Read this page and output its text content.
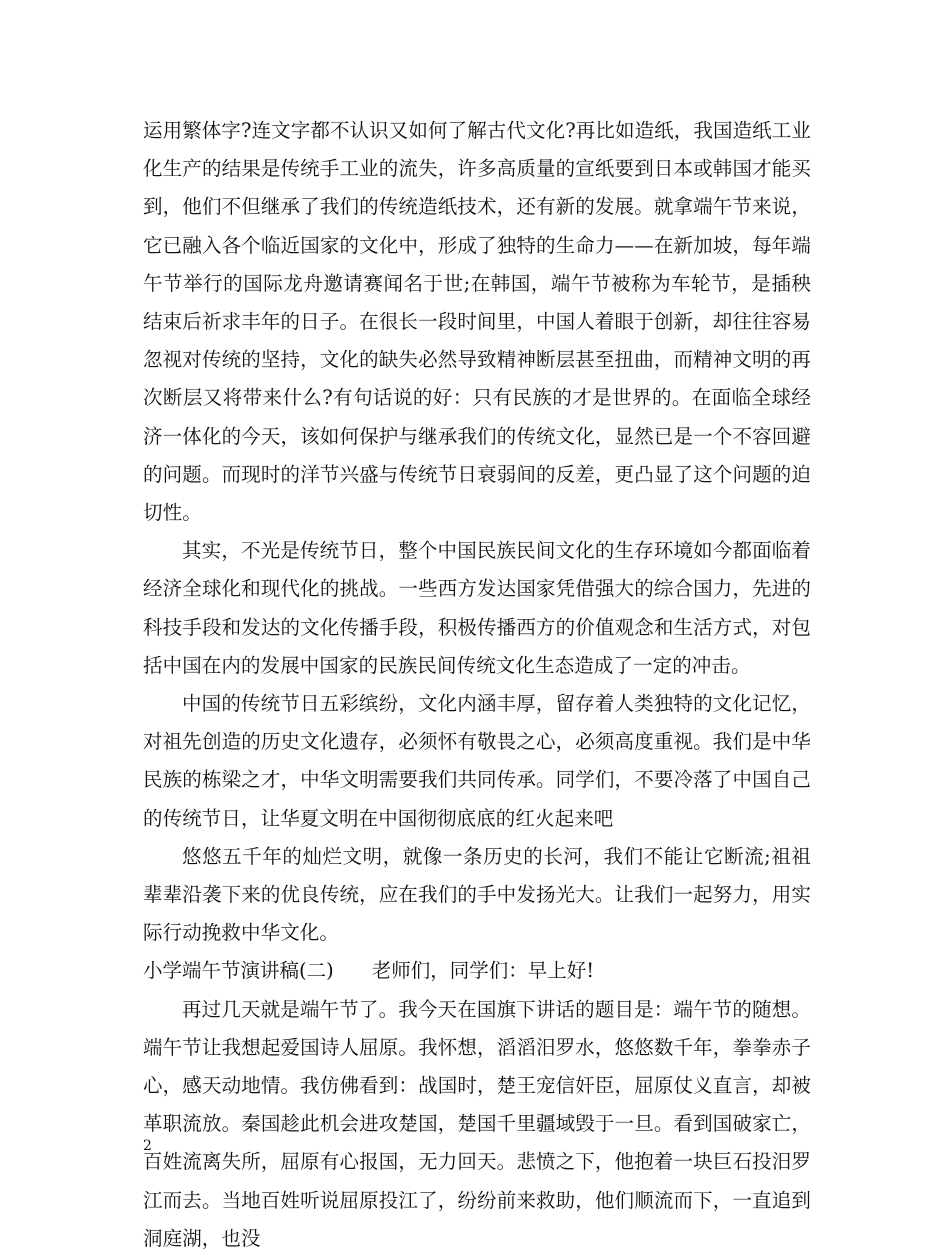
运用繁体字?连文字都不认识又如何了解古代文化?再比如造纸，我国造纸工业化生产的结果是传统手工业的流失，许多高质量的宣纸要到日本或韩国才能买到，他们不但继承了我们的传统造纸技术，还有新的发展。就拿端午节来说，它已融入各个临近国家的文化中，形成了独特的生命力——在新加坡，每年端午节举行的国际龙舟邀请赛闻名于世;在韩国，端午节被称为车轮节，是插秧结束后祈求丰年的日子。在很长一段时间里，中国人着眼于创新，却往往容易忽视对传统的坚持，文化的缺失必然导致精神断层甚至扭曲，而精神文明的再次断层又将带来什么?有句话说的好：只有民族的才是世界的。在面临全球经济一体化的今天，该如何保护与继承我们的传统文化，显然已是一个不容回避的问题。而现时的洋节兴盛与传统节日衰弱间的反差，更凸显了这个问题的迫切性。

其实，不光是传统节日，整个中国民族民间文化的生存环境如今都面临着经济全球化和现代化的挑战。一些西方发达国家凭借强大的综合国力，先进的科技手段和发达的文化传播手段，积极传播西方的价值观念和生活方式，对包括中国在内的发展中国家的民族民间传统文化生态造成了一定的冲击。

中国的传统节日五彩缤纷，文化内涵丰厚，留存着人类独特的文化记忆，对祖先创造的历史文化遗存，必须怀有敬畏之心，必须高度重视。我们是中华民族的栋梁之才，中华文明需要我们共同传承。同学们，不要冷落了中国自己的传统节日，让华夏文明在中国彻彻底底的红火起来吧

悠悠五千年的灿烂文明，就像一条历史的长河，我们不能让它断流;祖祖辈辈沿袭下来的优良传统，应在我们的手中发扬光大。让我们一起努力，用实际行动挽救中华文化。

小学端午节演讲稿(二) 老师们，同学们：早上好!

再过几天就是端午节了。我今天在国旗下讲话的题目是：端午节的随想。端午节让我想起爱国诗人屈原。我怀想，滔滔汨罗水，悠悠数千年，拳拳赤子心，感天动地情。我仿佛看到：战国时，楚王宠信奸臣，屈原仗义直言，却被革职流放。秦国趁此机会进攻楚国，楚国千里疆域毁于一旦。看到国破家亡，百姓流离失所，屈原有心报国，无力回天。悲愤之下，他抱着一块巨石投汨罗江而去。当地百姓听说屈原投江了，纷纷前来救助，他们顺流而下，一直追到洞庭湖，也没

2
